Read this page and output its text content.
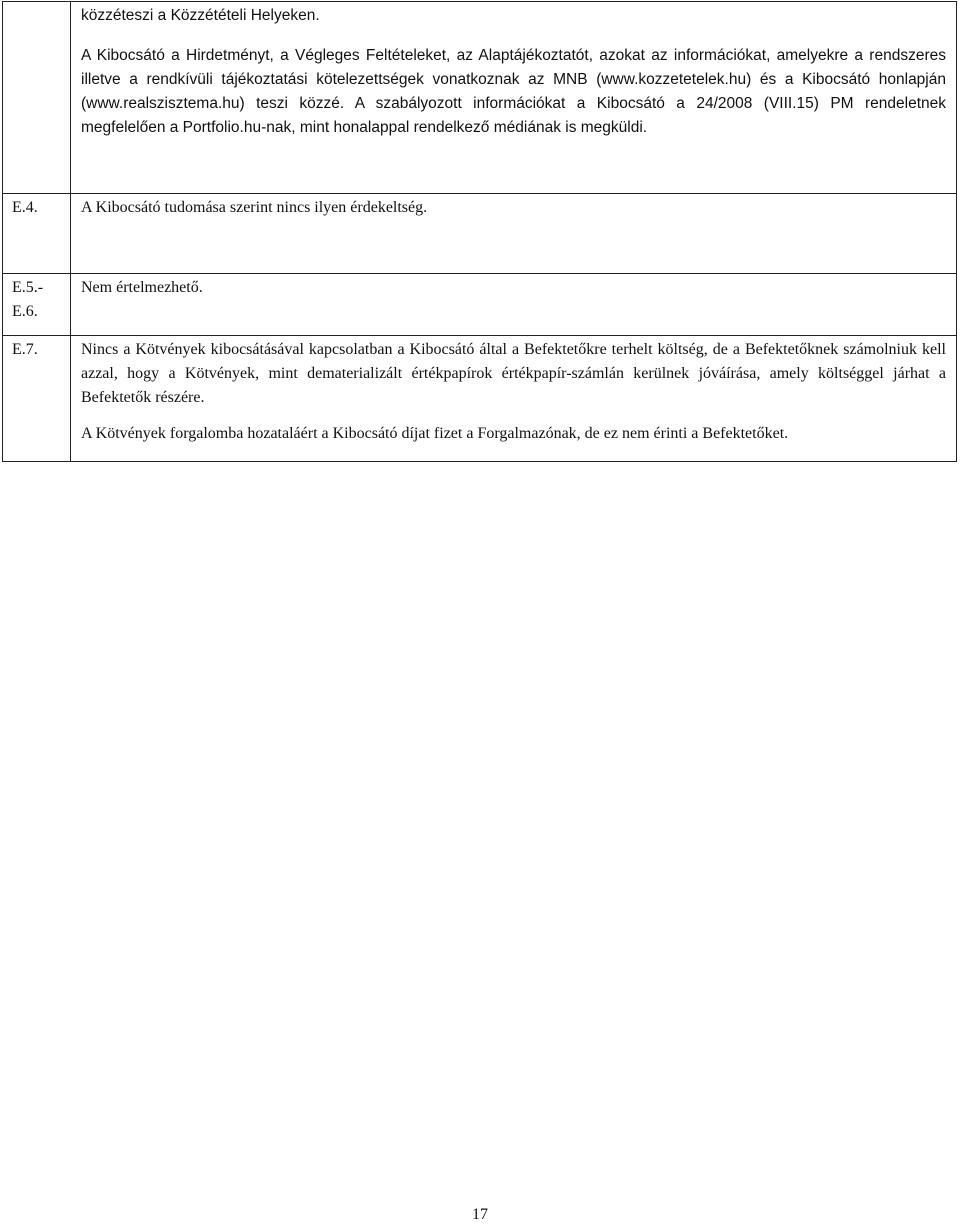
	közzéteszi a Közzétételi Helyeken.

A Kibocsátó a Hirdetményt, a Végleges Feltételeket, az Alaptájékoztatót, azokat az információkat, amelyekre a rendszeres illetve a rendkívüli tájékoztatási kötelezettségek vonatkoznak az MNB (www.kozzetetelek.hu) és a Kibocsátó honlapján (www.realszisztema.hu) teszi közzé. A szabályozott információkat a Kibocsátó a 24/2008 (VIII.15) PM rendeletnek megfelelően a Portfolio.hu-nak, mint honalappal rendelkező médiának is megküldi.

E.4.	A Kibocsátó tudomása szerint nincs ilyen érdekeltség.

E.5.-
E.6.	Nem értelmezhető.

E.7.	Nincs a Kötvények kibocsátásával kapcsolatban a Kibocsátó által a Befektetőkre terhelt költség, de a Befektetőknek számolniuk kell azzal, hogy a Kötvények, mint dematerializált értékpapírok értékpapír-számlán kerülnek jóváírása, amely költséggel járhat a Befektetők részére.

A Kötvények forgalomba hozataláért a Kibocsátó díjat fizet a Forgalmazónak, de ez nem érinti a Befektetőket.

17
